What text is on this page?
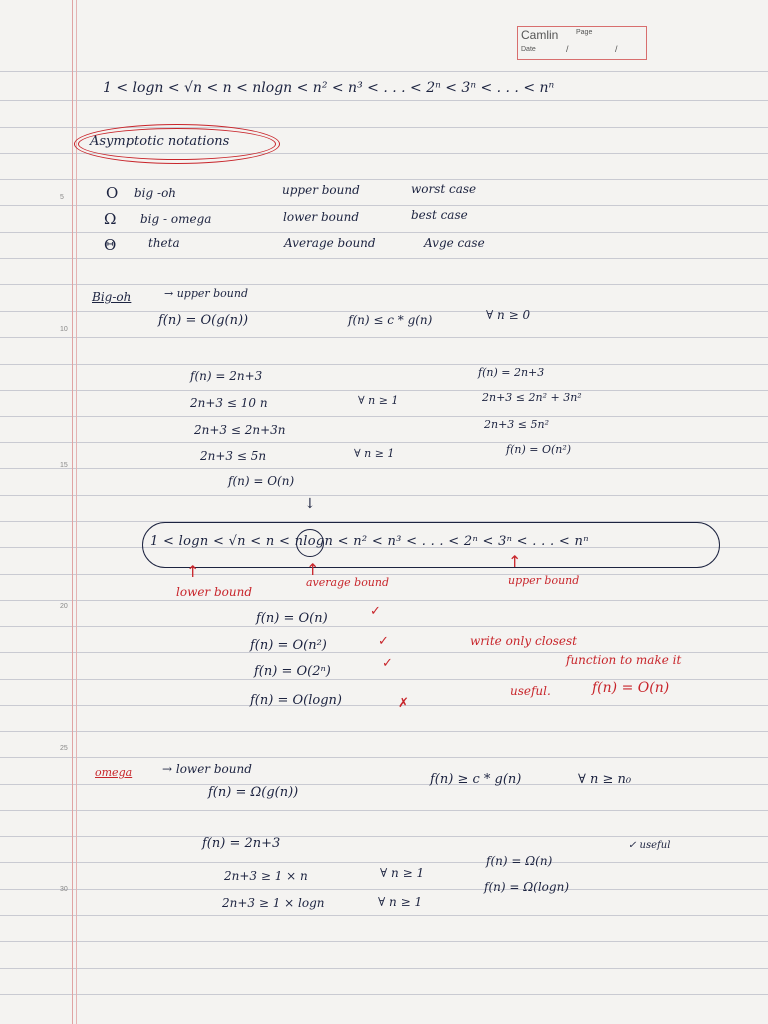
Camlin	Page
Date	/ /
5
10
15
20
25
30
1 < logn < √n < n < nlogn < n² < n³ < . . . < 2ⁿ < 3ⁿ < . . . < nⁿ
Asymptotic notations
O big -oh	upper bound	worst case
Ω big - omega	lower bound	best case
Θ	theta	Average bound	Avge case
Big-oh	→ upper bound
f(n) = O(g(n))	f(n) ≤ c * g(n)	∀ n ≥ 0
f(n) = 2n+3
2n+3 ≤ 10 n
2n+3 ≤ 2n+3n
2n+3 ≤ 5n
f(n) = O(n)
∀ n ≥ 1
∀ n ≥ 1
f(n) = 2n+3
2n+3 ≤ 2n² + 3n²
2n+3 ≤ 5n²
f(n) = O(n²)
↓
1 < logn < √n < n < nlogn < n² < n³ < . . . < 2ⁿ < 3ⁿ < . . . < nⁿ
↑	↑	↑
lower bound
average bound	upper bound
f(n) = O(n)	✓
f(n) = O(n²)	✓
f(n) = O(2ⁿ)
✓
f(n) = O(logn)	✗
write only closest
function to make it
useful.	f(n) = O(n)
omega → lower bound
f(n) = Ω(g(n))
f(n) ≥ c * g(n)	∀ n ≥ n₀
f(n) = 2n+3
2n+3 ≥ 1 × n
2n+3 ≥ 1 × logn
∀ n ≥ 1
∀ n ≥ 1
f(n) = Ω(n)
f(n) = Ω(logn)
✓ useful
